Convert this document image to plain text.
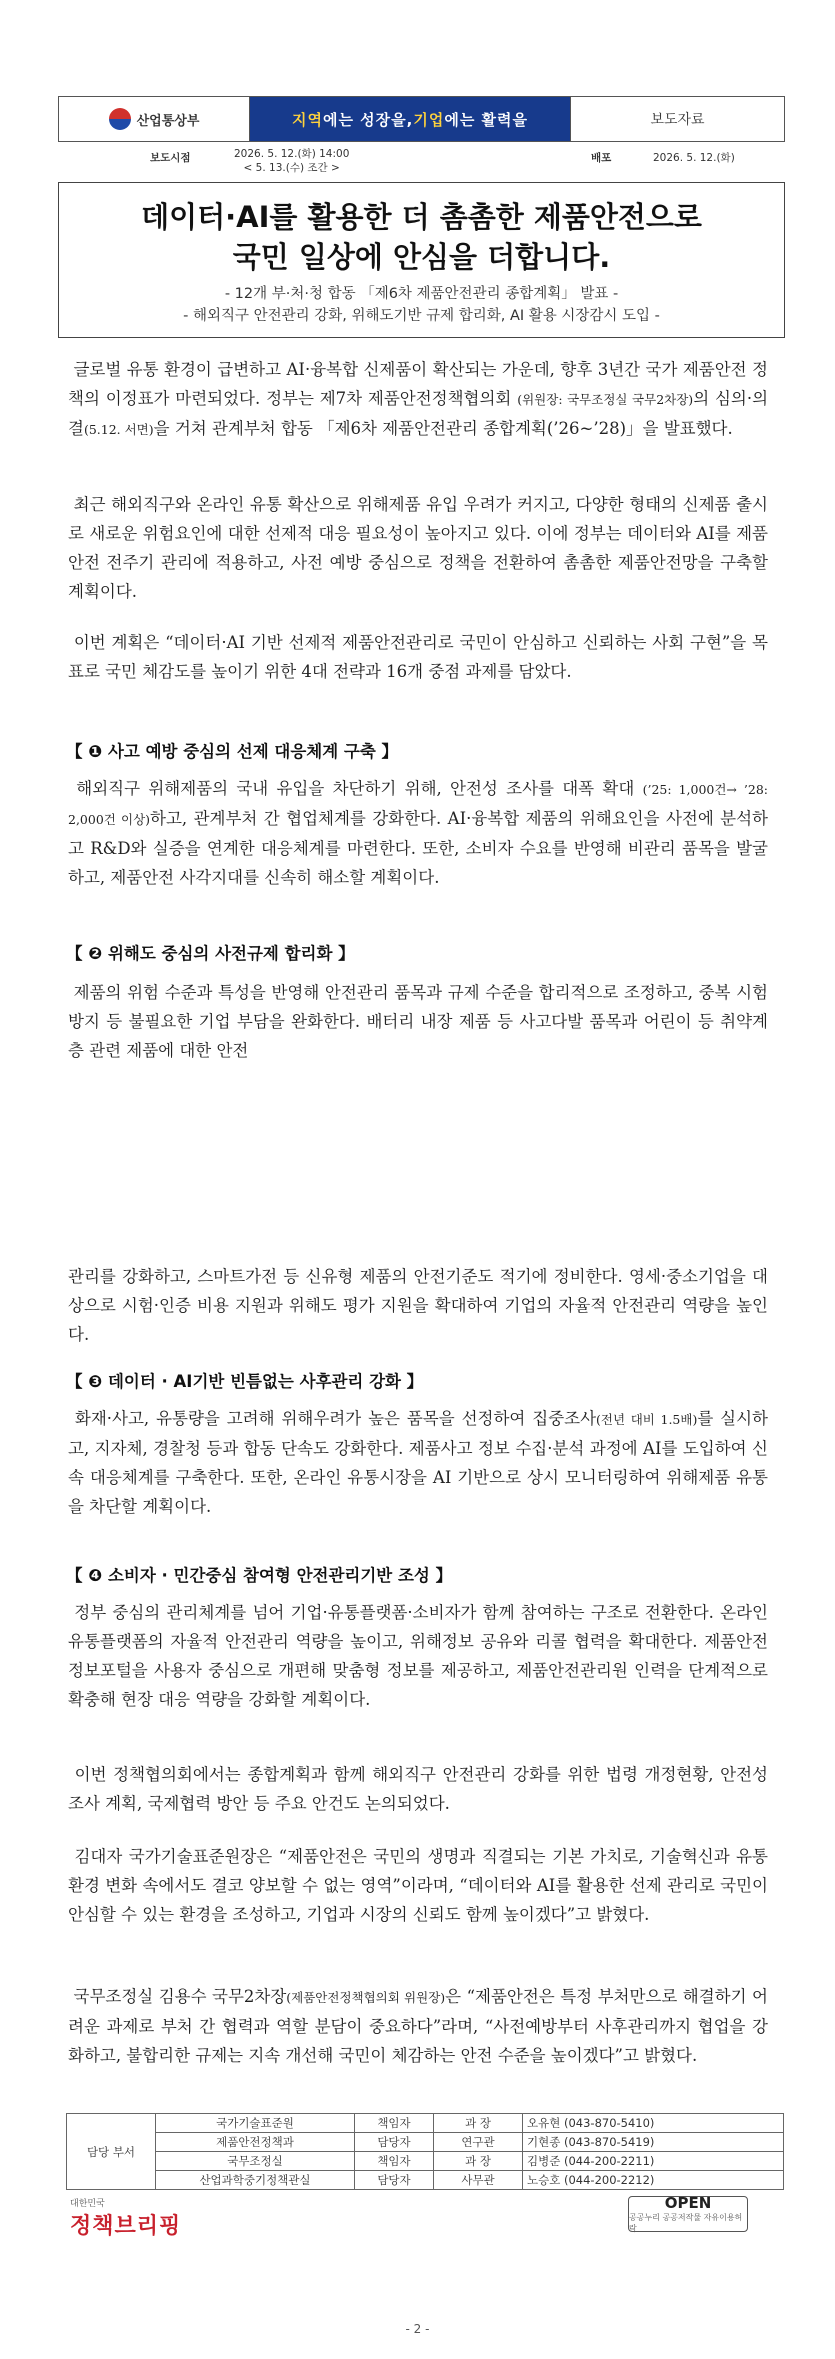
산업통상부	지역 에는 성장을, 기업 에는 활력을	보도자료
보도시점	2026. 5. 12.(화) 14:00
< 5. 13.(수) 조간 >
배포	2026. 5. 12.(화)
데이터·AI를 활용한 더 촘촘한 제품안전으로
국민 일상에 안심을 더합니다.
- 12개 부·처·청 합동 「제6차 제품안전관리 종합계획」 발표 -
- 해외직구 안전관리 강화, 위해도기반 규제 합리화, AI 활용 시장감시 도입 -
글로벌 유통 환경이 급변하고 AI·융복합 신제품이 확산되는 가운데, 향후 3년간 국가 제품안전 정책의 이정표가 마련되었다. 정부는 제7차 제품안전정책협의회 (위원장: 국무조정실 국무2차장)의 심의·의결(5.12. 서면)을 거쳐 관계부처 합동 「제6차 제품안전관리 종합계획(’26~’28)」을 발표했다.
최근 해외직구와 온라인 유통 확산으로 위해제품 유입 우려가 커지고, 다양한 형태의 신제품 출시로 새로운 위험요인에 대한 선제적 대응 필요성이 높아지고 있다. 이에 정부는 데이터와 AI를 제품안전 전주기 관리에 적용하고, 사전 예방 중심으로 정책을 전환하여 촘촘한 제품안전망을 구축할 계획이다.
이번 계획은 “데이터·AI 기반 선제적 제품안전관리로 국민이 안심하고 신뢰하는 사회 구현”을 목표로 국민 체감도를 높이기 위한 4대 전략과 16개 중점 과제를 담았다.
【 ❶ 사고 예방 중심의 선제 대응체계 구축 】
해외직구 위해제품의 국내 유입을 차단하기 위해, 안전성 조사를 대폭 확대 (’25: 1,000건→ ’28: 2,000건 이상)하고, 관계부처 간 협업체계를 강화한다. AI·융복합 제품의 위해요인을 사전에 분석하고 R&D와 실증을 연계한 대응체계를 마련한다. 또한, 소비자 수요를 반영해 비관리 품목을 발굴하고, 제품안전 사각지대를 신속히 해소할 계획이다.
【 ❷ 위해도 중심의 사전규제 합리화 】
제품의 위험 수준과 특성을 반영해 안전관리 품목과 규제 수준을 합리적으로 조정하고, 중복 시험 방지 등 불필요한 기업 부담을 완화한다. 배터리 내장 제품 등 사고다발 품목과 어린이 등 취약계층 관련 제품에 대한 안전
관리를 강화하고, 스마트가전 등 신유형 제품의 안전기준도 적기에 정비한다. 영세·중소기업을 대상으로 시험·인증 비용 지원과 위해도 평가 지원을 확대하여 기업의 자율적 안전관리 역량을 높인다.
【 ❸ 데이터 · AI기반 빈틈없는 사후관리 강화 】
화재·사고, 유통량을 고려해 위해우려가 높은 품목을 선정하여 집중조사(전년 대비 1.5배)를 실시하고, 지자체, 경찰청 등과 합동 단속도 강화한다. 제품사고 정보 수집·분석 과정에 AI를 도입하여 신속 대응체계를 구축한다. 또한, 온라인 유통시장을 AI 기반으로 상시 모니터링하여 위해제품 유통을 차단할 계획이다.
【 ❹ 소비자 · 민간중심 참여형 안전관리기반 조성 】
정부 중심의 관리체계를 넘어 기업·유통플랫폼·소비자가 함께 참여하는 구조로 전환한다. 온라인 유통플랫폼의 자율적 안전관리 역량을 높이고, 위해정보 공유와 리콜 협력을 확대한다. 제품안전정보포털을 사용자 중심으로 개편해 맞춤형 정보를 제공하고, 제품안전관리원 인력을 단계적으로 확충해 현장 대응 역량을 강화할 계획이다.
이번 정책협의회에서는 종합계획과 함께 해외직구 안전관리 강화를 위한 법령 개정현황, 안전성조사 계획, 국제협력 방안 등 주요 안건도 논의되었다.
김대자 국가기술표준원장은 “제품안전은 국민의 생명과 직결되는 기본 가치로, 기술혁신과 유통환경 변화 속에서도 결코 양보할 수 없는 영역”이라며, “데이터와 AI를 활용한 선제 관리로 국민이 안심할 수 있는 환경을 조성하고, 기업과 시장의 신뢰도 함께 높이겠다”고 밝혔다.
국무조정실 김용수 국무2차장(제품안전정책협의회 위원장)은 “제품안전은 특정 부처만으로 해결하기 어려운 과제로 부처 간 협력과 역할 분담이 중요하다”라며, “사전예방부터 사후관리까지 협업을 강화하고, 불합리한 규제는 지속 개선해 국민이 체감하는 안전 수준을 높이겠다”고 밝혔다.
담당 부서	국가기술표준원	책임자	과 장	오유현 (043-870-5410)
	제품안전정책과	담당자	연구관	기현종 (043-870-5419)
	국무조정실	책임자	과 장	김병준 (044-200-2211)
	산업과학중기정책관실	담당자	사무관	노승호 (044-200-2212)
대한민국
정책브리핑
OPEN
공공누리 공공저작물 자유이용허락
- 2 -
